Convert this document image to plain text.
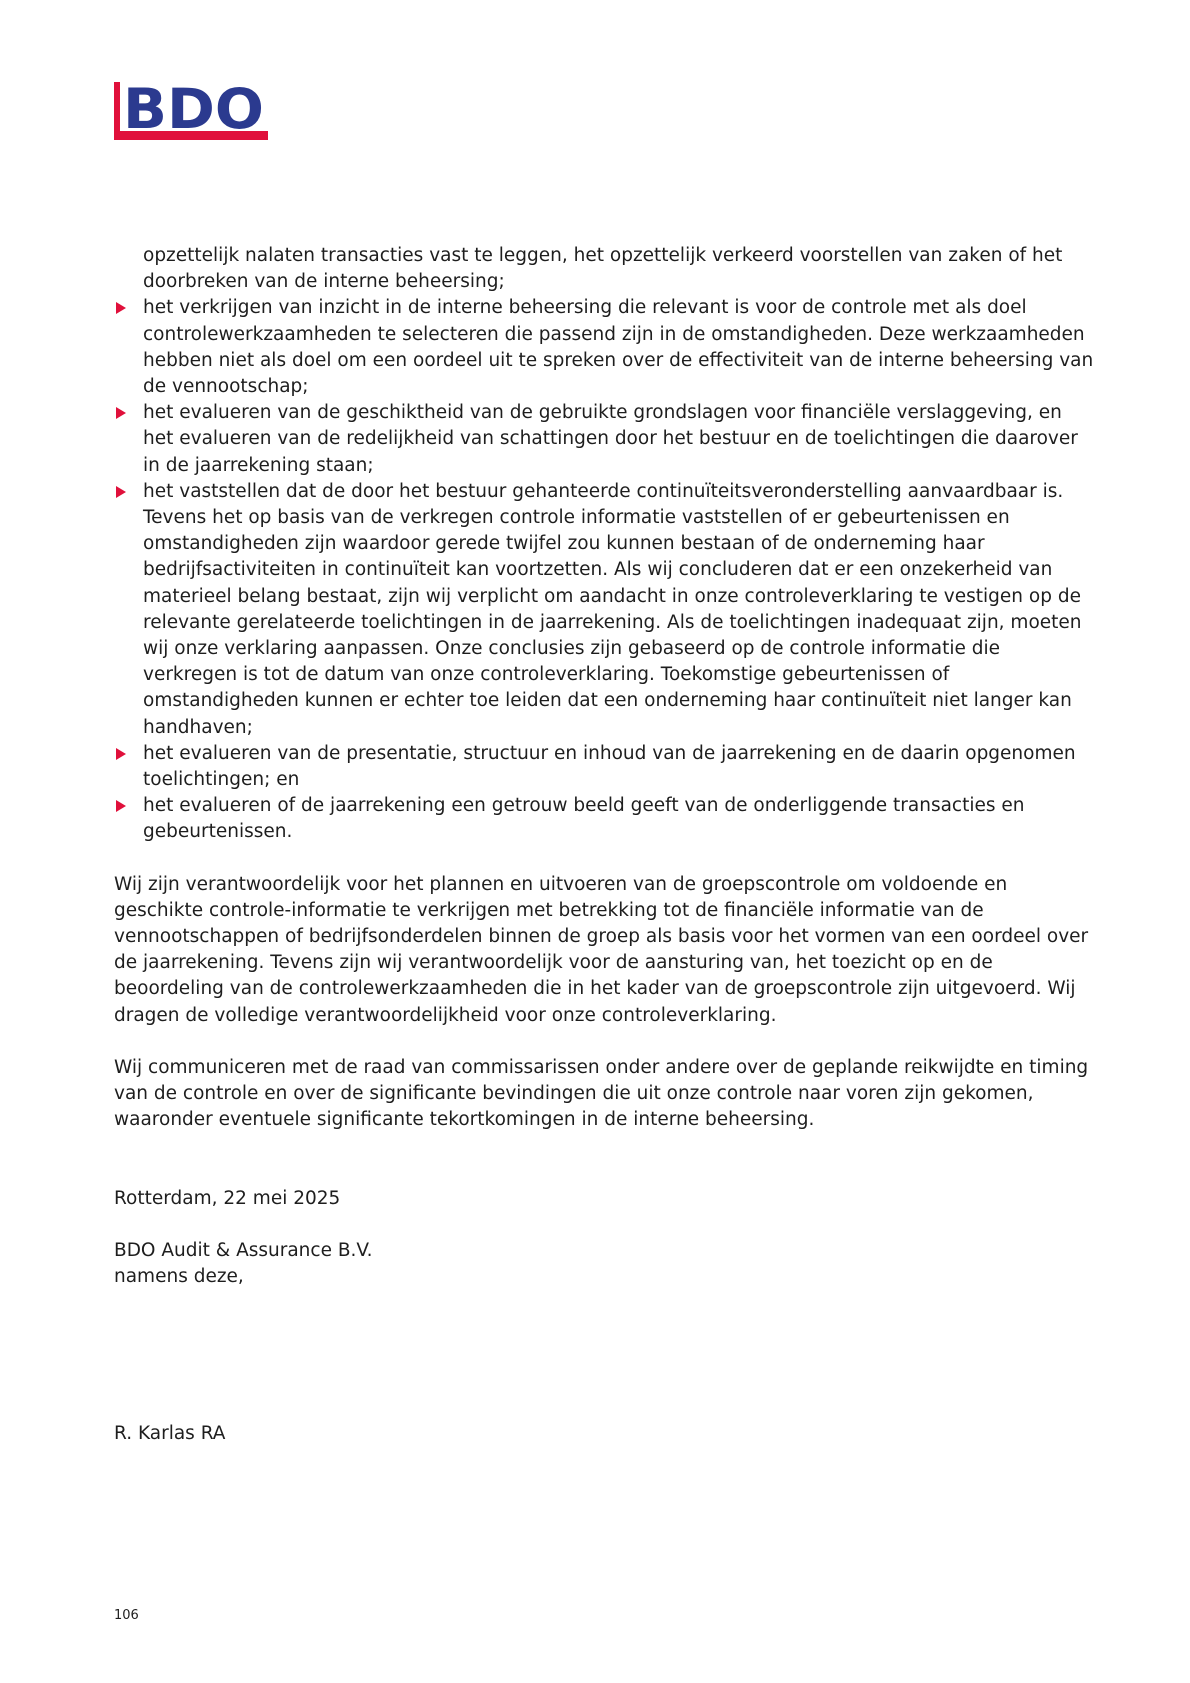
BDO
opzettelijk nalaten transacties vast te leggen, het opzettelijk verkeerd voorstellen van zaken of het doorbreken van de interne beheersing;
het verkrijgen van inzicht in de interne beheersing die relevant is voor de controle met als doel controlewerkzaamheden te selecteren die passend zijn in de omstandigheden. Deze werkzaamheden hebben niet als doel om een oordeel uit te spreken over de effectiviteit van de interne beheersing van de vennootschap;
het evalueren van de geschiktheid van de gebruikte grondslagen voor financiële verslaggeving, en het evalueren van de redelijkheid van schattingen door het bestuur en de toelichtingen die daarover in de jaarrekening staan;
het vaststellen dat de door het bestuur gehanteerde continuïteitsveronderstelling aanvaardbaar is. Tevens het op basis van de verkregen controle informatie vaststellen of er gebeurtenissen en omstandigheden zijn waardoor gerede twijfel zou kunnen bestaan of de onderneming haar bedrijfsactiviteiten in continuïteit kan voortzetten. Als wij concluderen dat er een onzekerheid van materieel belang bestaat, zijn wij verplicht om aandacht in onze controleverklaring te vestigen op de relevante gerelateerde toelichtingen in de jaarrekening. Als de toelichtingen inadequaat zijn, moeten wij onze verklaring aanpassen. Onze conclusies zijn gebaseerd op de controle informatie die verkregen is tot de datum van onze controleverklaring. Toekomstige gebeurtenissen of omstandigheden kunnen er echter toe leiden dat een onderneming haar continuïteit niet langer kan handhaven;
het evalueren van de presentatie, structuur en inhoud van de jaarrekening en de daarin opgenomen toelichtingen; en
het evalueren of de jaarrekening een getrouw beeld geeft van de onderliggende transacties en gebeurtenissen.

Wij zijn verantwoordelijk voor het plannen en uitvoeren van de groepscontrole om voldoende en geschikte controle-informatie te verkrijgen met betrekking tot de financiële informatie van de vennootschappen of bedrijfsonderdelen binnen de groep als basis voor het vormen van een oordeel over de jaarrekening. Tevens zijn wij verantwoordelijk voor de aansturing van, het toezicht op en de beoordeling van de controlewerkzaamheden die in het kader van de groepscontrole zijn uitgevoerd. Wij dragen de volledige verantwoordelijkheid voor onze controleverklaring.

Wij communiceren met de raad van commissarissen onder andere over de geplande reikwijdte en timing van de controle en over de significante bevindingen die uit onze controle naar voren zijn gekomen, waaronder eventuele significante tekortkomingen in de interne beheersing.

Rotterdam, 22 mei 2025
BDO Audit & Assurance B.V.
namens deze,
R. Karlas RA
106
